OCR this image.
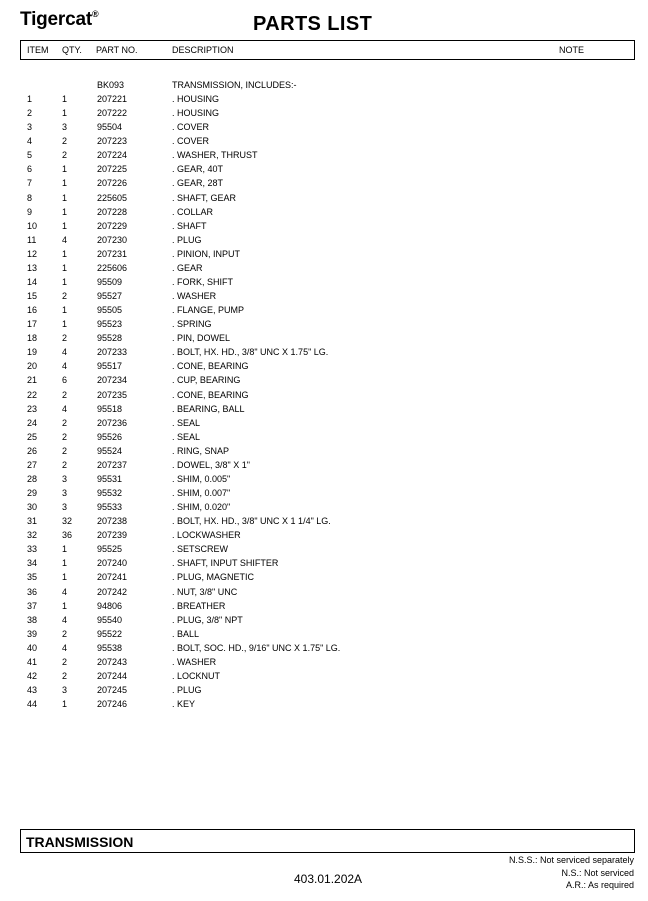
Tigercat®	PARTS LIST
ITEM QTY. PART NO.	DESCRIPTION	NOTE
BK093	TRANSMISSION, INCLUDES:-
1	1	207221	. HOUSING
2	1	207222	. HOUSING
3	3	95504	. COVER
4	2	207223	. COVER
5	2	207224	. WASHER, THRUST
6	1	207225	. GEAR, 40T
7	1	207226	. GEAR, 28T
8	1	225605	. SHAFT, GEAR
9	1	207228	. COLLAR
10	1	207229	. SHAFT
11	4	207230	. PLUG
12	1	207231	. PINION, INPUT
13	1	225606	. GEAR
14	1	95509	. FORK, SHIFT
15	2	95527	. WASHER
16	1	95505	. FLANGE, PUMP
17	1	95523	. SPRING
18	2	95528	. PIN, DOWEL
19	4	207233	. BOLT, HX. HD., 3/8" UNC X 1.75" LG.
20	4	95517	. CONE, BEARING
21	6	207234	. CUP, BEARING
22	2	207235	. CONE, BEARING
23	4	95518	. BEARING, BALL
24	2	207236	. SEAL
25	2	95526	. SEAL
26	2	95524	. RING, SNAP
27	2	207237	. DOWEL, 3/8" X 1"
28	3	95531	. SHIM, 0.005"
29	3	95532	. SHIM, 0.007"
30	3	95533	. SHIM, 0.020"
31	32	207238	. BOLT, HX. HD., 3/8" UNC X 1 1/4" LG.
32	36	207239	. LOCKWASHER
33	1	95525	. SETSCREW
34	1	207240	. SHAFT, INPUT SHIFTER
35	1	207241	. PLUG, MAGNETIC
36	4	207242	. NUT, 3/8" UNC
37	1	94806	. BREATHER
38	4	95540	. PLUG, 3/8" NPT
39	2	95522	. BALL
40	4	95538	. BOLT, SOC. HD., 9/16" UNC X 1.75" LG.
41	2	207243	. WASHER
42	2	207244	. LOCKNUT
43	3	207245	. PLUG
44	1	207246	. KEY
TRANSMISSION
403.01.202A
N.S.S.: Not serviced separately
N.S.: Not serviced
A.R.: As required
